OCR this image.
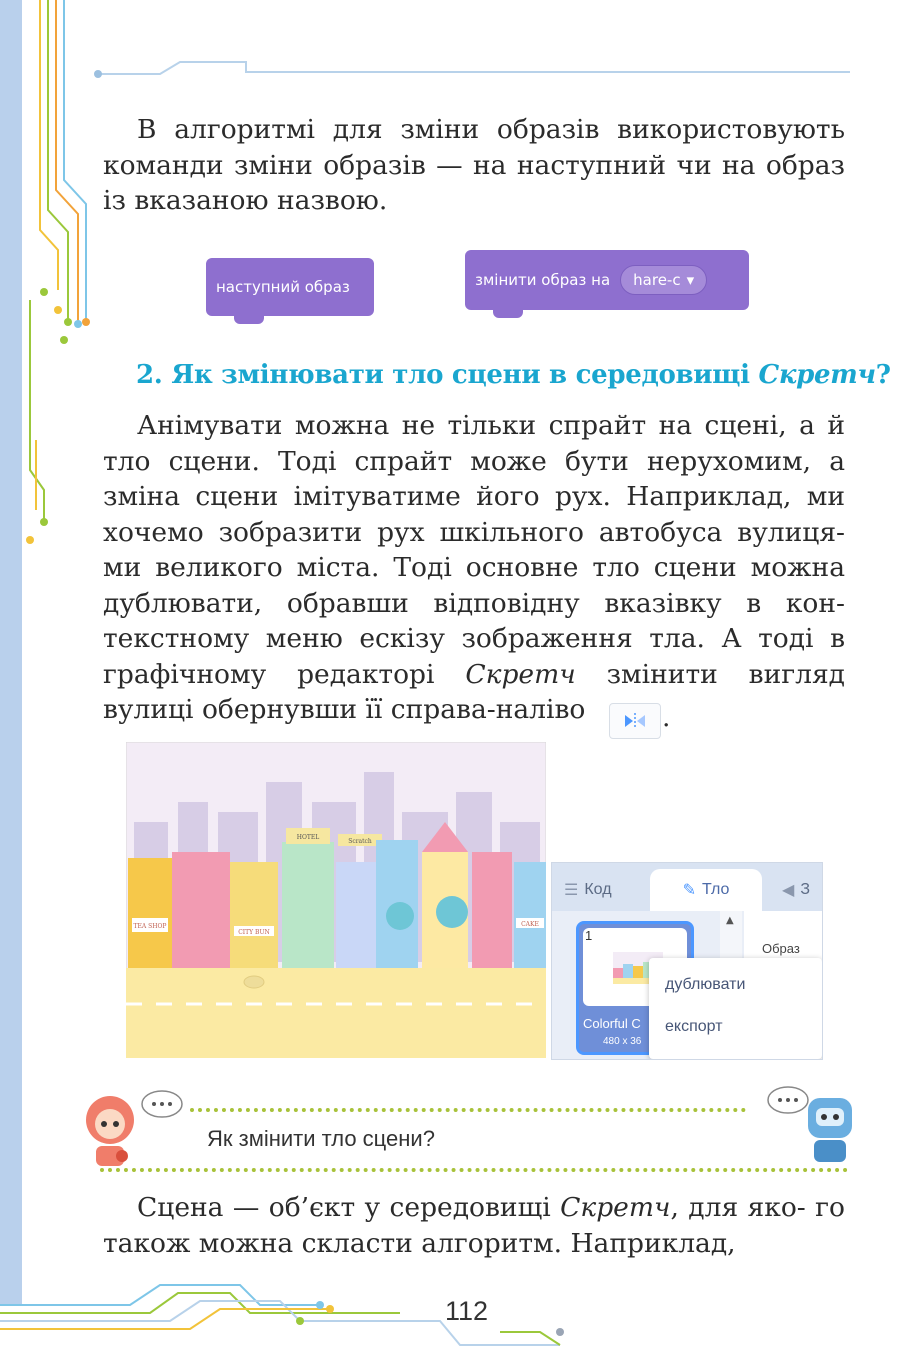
В алгоритмі для зміни образів використовують команди зміни образів — на наступний чи на образ із вказаною назвою.

наступний образ	змінити образ на hare-c ▾
2. Як змінювати тло сцени в середовищі Скретч?

Анімувати можна не тільки спрайт на сцені, а й тло сцени. Тоді спрайт може бути нерухомим, а зміна сцени імітуватиме його рух. Наприклад, ми хочемо зобразити рух шкільного автобуса вулиця- ми великого міста. Тоді основне тло сцени можна дублювати, обравши відповідну вказівку в кон- текстному меню ескізу зображення тла. А тоді в графічному редакторі Скретч змінити вигляд вулиці обернувши її справа-наліво	.
TEA SHOP
CITY BUN
HOTEL
Scratch
CAKE
☰ Код	✎ Тло	◀ З
1
Colorful C
480 x 36
▲
Образ
дублювати
експорт
Як змінити тло сцени?

Сцена — об’єкт у середовищі Скретч, для яко- го також можна скласти алгоритм. Наприклад,

112
